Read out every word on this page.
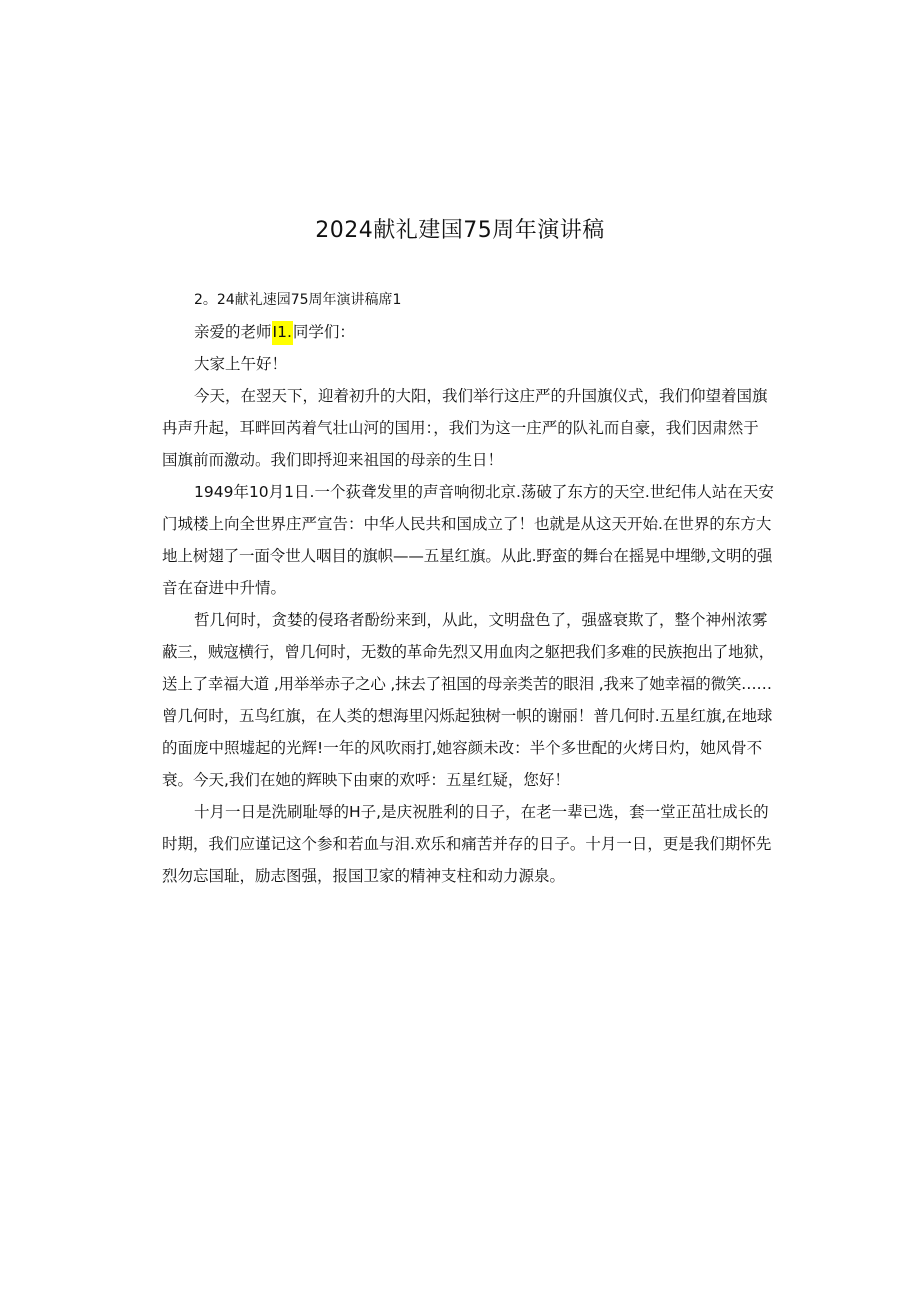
2024献礼建国75周年演讲稿

2。24献礼速园75周年演讲稿席1

亲爱的老师I1.同学们：

大家上午好！

今天，在翌天下，迎着初升的大阳，我们举行这庄严的升国旗仪式，我们仰望着国旗
冉声升起，耳畔回芮着气壮山河的国用：，我们为这一庄严的队礼而自豪，我们因肃然于
国旗前而激动。我们即捋迎来祖国的母亲的生日！

1949年10月1日.一个荻聋发里的声音响彻北京.荡破了东方的天空.世纪伟人站在天安
门城楼上向全世界庄严宣告：中华人民共和国成立了！也就是从这天开始.在世界的东方大
地上树翅了一面令世人咽目的旗帜——五星红旗。从此.野蛮的舞台在摇晃中埋缈,文明的强
音在奋进中升情。

哲几何时，贪婪的侵珞者酚纷来到，从此，文明盘色了，强盛衰欺了，整个神州浓雾
蔽三，贼寇横行，曾几何时，无数的革命先烈又用血肉之躯把我们多难的民族抱出了地狱，
送上了幸福大道 ,用举举赤子之心 ,抹去了祖国的母亲类苦的眼泪 ,我来了她幸福的微笑……
曾几何时，五鸟红旗，在人类的想海里闪烁起独树一帜的谢丽！普几何时.五星红旗,在地球
的面庞中照墟起的光辉!一年的风吹雨打,她容颜未改：半个多世配的火烤日灼，她风骨不
衰。今天,我们在她的辉映下由柬的欢呼：五星红疑，您好！

十月一日是洗刷耻辱的H子,是庆祝胜利的日子，在老一辈已选，套一堂正茁壮成长的
时期，我们应谨记这个参和若血与泪.欢乐和痛苦并存的日子。十月一日，更是我们期怀先
烈勿忘国耻，励志图强，报国卫家的精神支柱和动力源泉。
